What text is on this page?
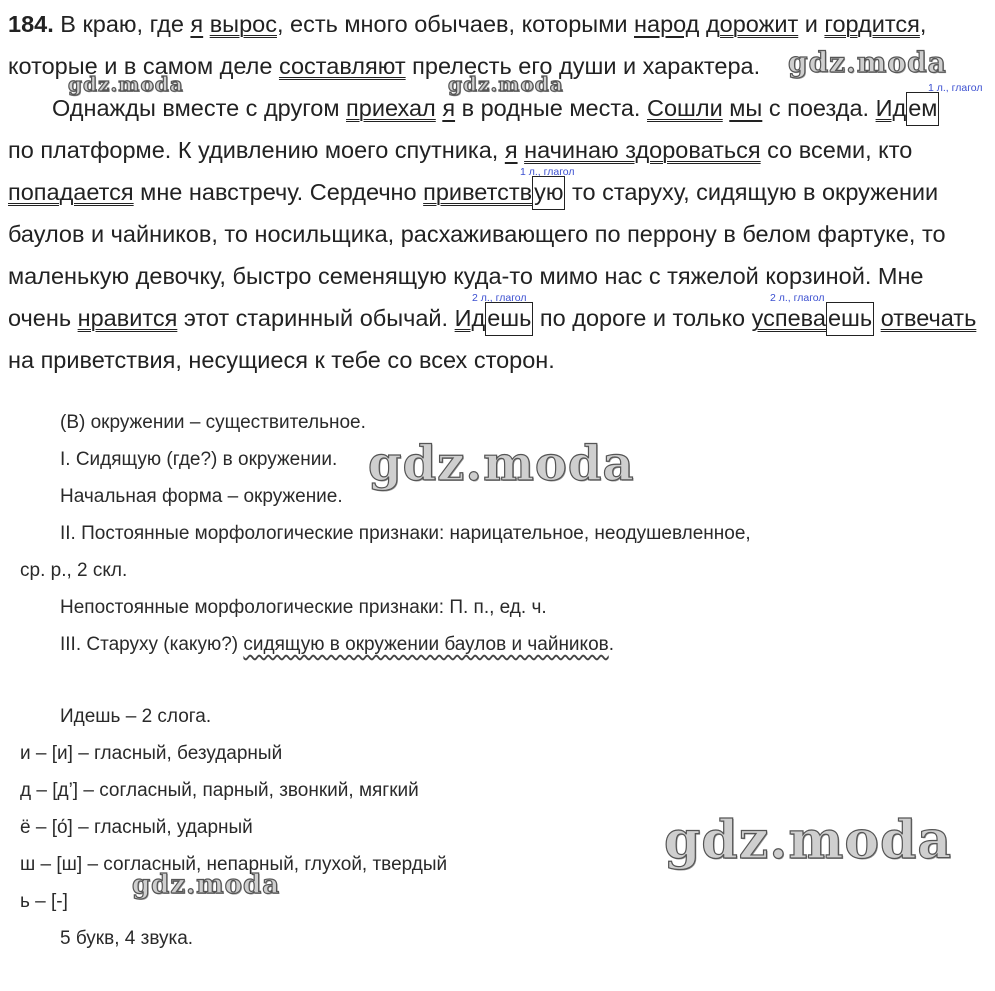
184. В краю, где я вырос, есть много обычаев, которыми народ дорожит и гордится,
которые и в самом деле составляют прелесть его души и характера.
Однажды вместе с другом приехал я в родные места. Сошли мы с поезда. Идем
по платформе. К удивлению моего спутника, я начинаю здороваться со всеми, кто
попадается мне навстречу. Сердечно приветствую то старуху, сидящую в окружении
баулов и чайников, то носильщика, расхаживающего по перрону в белом фартуке, то
маленькую девочку, быстро семенящую куда-то мимо нас с тяжелой корзиной. Мне
очень нравится этот старинный обычай. Идешь по дороге и только успеваешь отвечать
на приветствия, несущиеся к тебе со всех сторон.
1 л., глагол
1 л., глагол
2 л., глагол	2 л., глагол
(В) окружении – существительное.
I. Сидящую (где?) в окружении.
Начальная форма – окружение.
II. Постоянные морфологические признаки: нарицательное, неодушевленное,
ср. р., 2 скл.
Непостоянные морфологические признаки: П. п., ед. ч.
III. Старуху (какую?) сидящую в окружении баулов и чайников.
Идешь – 2 слога.
и – [и] – гласный, безударный
д – [д’] – согласный, парный, звонкий, мягкий
ё – [о́] – гласный, ударный
ш – [ш] – согласный, непарный, глухой, твердый
ь – [-]
5 букв, 4 звука.
gdz.moda
gdz.moda	gdz.moda
gdz.moda
gdz.moda
gdz.moda
